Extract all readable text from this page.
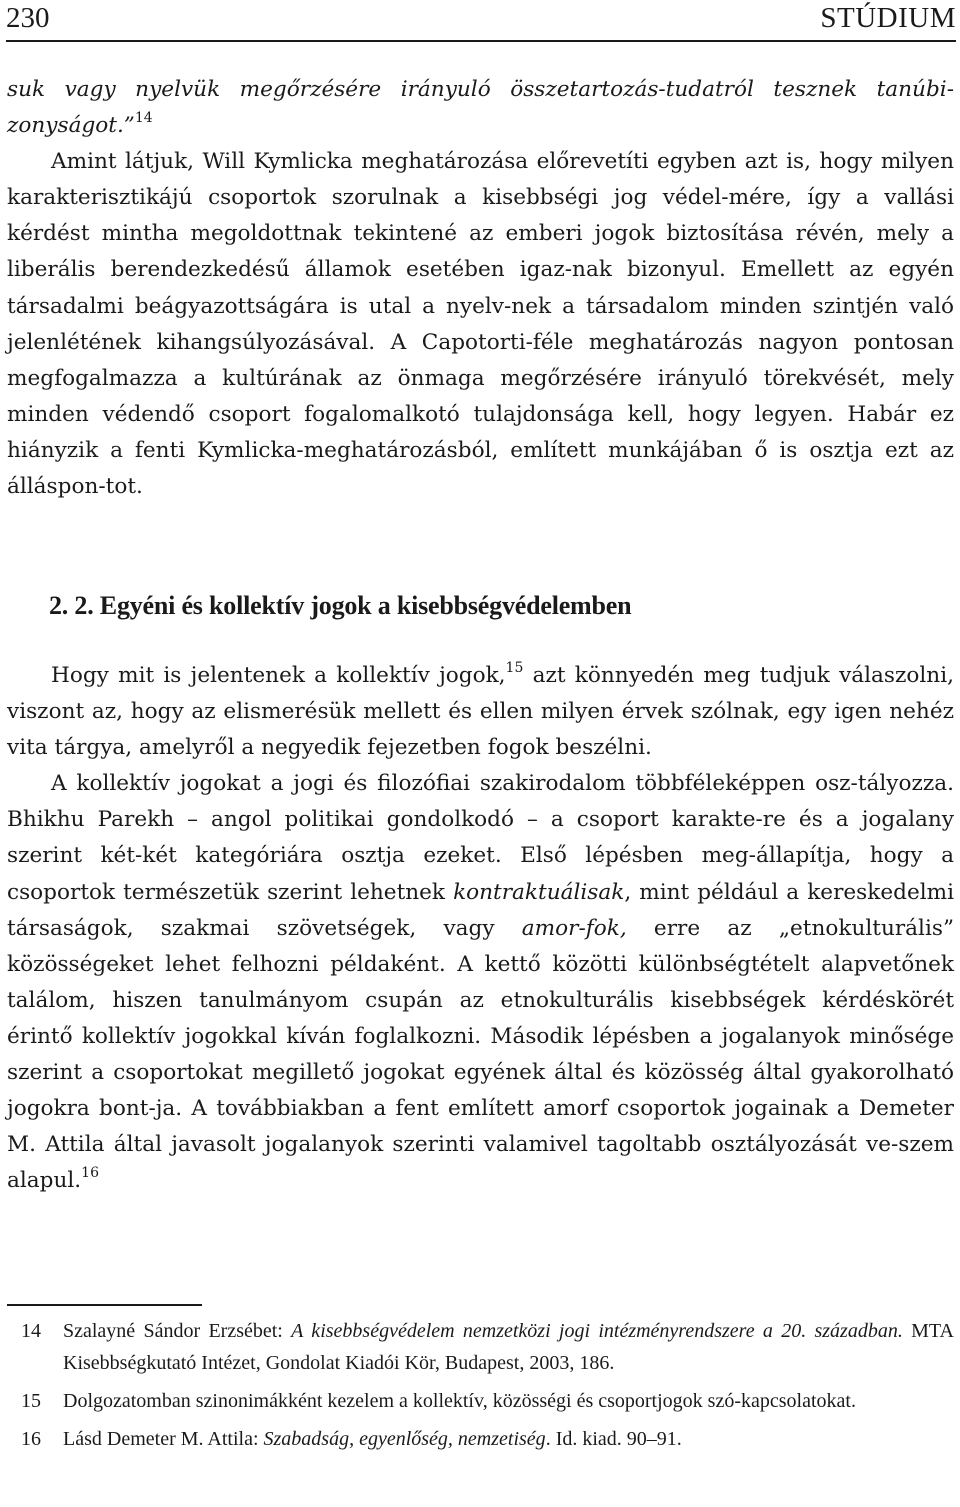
230	STÚDIUM

suk vagy nyelvük megőrzésére irányuló összetartozás-tudatról tesznek tanúbi-zonyságot.”$^{14}$

Amint látjuk, Will Kymlicka meghatározása előrevetíti egyben azt is, hogy milyen karakterisztikájú csoportok szorulnak a kisebbségi jog védel-mére, így a vallási kérdést mintha megoldottnak tekintené az emberi jogok biztosítása révén, mely a liberális berendezkedésű államok esetében igaz-nak bizonyul. Emellett az egyén társadalmi beágyazottságára is utal a nyelv-nek a társadalom minden szintjén való jelenlétének kihangsúlyozásával. A Capotorti-féle meghatározás nagyon pontosan megfogalmazza a kultúrának az önmaga megőrzésére irányuló törekvését, mely minden védendő csoport fogalomalkotó tulajdonsága kell, hogy legyen. Habár ez hiányzik a fenti Kymlicka-meghatározásból, említett munkájában ő is osztja ezt az álláspon-tot.

2. 2. Egyéni és kollektív jogok a kisebbségvédelemben

Hogy mit is jelentenek a kollektív jogok,$^{15}$ azt könnyedén meg tudjuk válaszolni, viszont az, hogy az elismerésük mellett és ellen milyen érvek szólnak, egy igen nehéz vita tárgya, amelyről a negyedik fejezetben fogok beszélni.

A kollektív jogokat a jogi és filozófiai szakirodalom többféleképpen osz-tályozza. Bhikhu Parekh – angol politikai gondolkodó – a csoport karakte-re és a jogalany szerint két-két kategóriára osztja ezeket. Első lépésben meg-állapítja, hogy a csoportok természetük szerint lehetnek kontraktuálisak, mint például a kereskedelmi társaságok, szakmai szövetségek, vagy amor-fok, erre az „etnokulturális” közösségeket lehet felhozni példaként. A kettő közötti különbségtételt alapvetőnek találom, hiszen tanulmányom csupán az etnokulturális kisebbségek kérdéskörét érintő kollektív jogokkal kíván foglalkozni. Második lépésben a jogalanyok minősége szerint a csoportokat megillető jogokat egyének által és közösség által gyakorolható jogokra bont-ja. A továbbiakban a fent említett amorf csoportok jogainak a Demeter M. Attila által javasolt jogalanyok szerinti valamivel tagoltabb osztályozását ve-szem alapul.$^{16}$

14 Szalayné Sándor Erzsébet: A kisebbségvédelem nemzetközi jogi intézményrendszere a 20. században. MTA Kisebbségkutató Intézet, Gondolat Kiadói Kör, Budapest, 2003, 186.

15 Dolgozatomban szinonimákként kezelem a kollektív, közösségi és csoportjogok szó-kapcsolatokat.

16 Lásd Demeter M. Attila: Szabadság, egyenlőség, nemzetiség. Id. kiad. 90–91.
